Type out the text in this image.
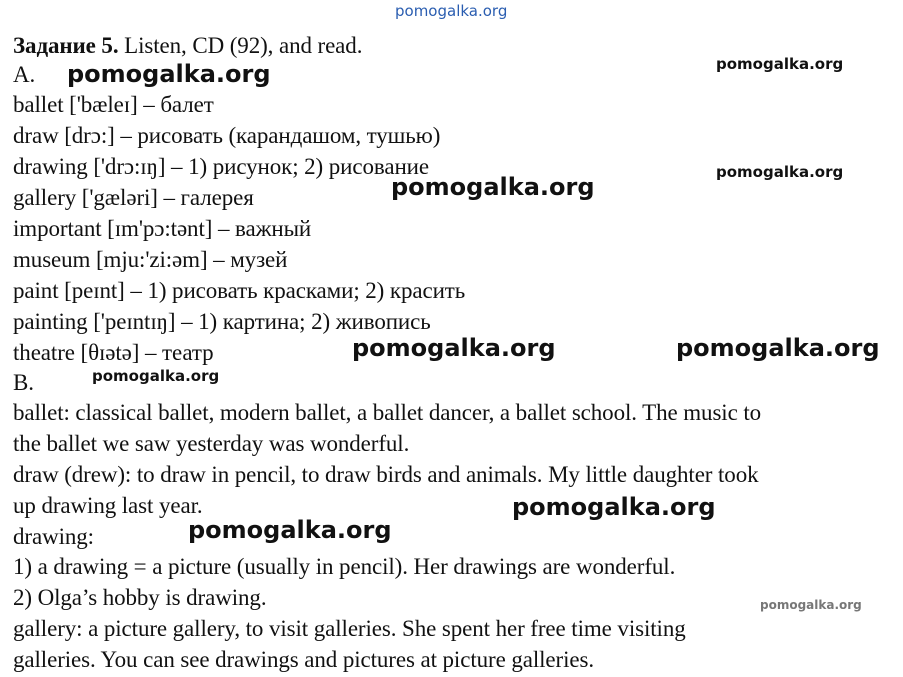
pomogalka.org
Задание 5. Listen, CD (92), and read.
A.
ballet ['bæleɪ] – балет
draw [drɔ:] – рисовать (карандашом, тушью)
drawing ['drɔ:ɪŋ] – 1) рисунок; 2) рисование
gallery ['gæləri] – галерея
important [ɪm'pɔ:tənt] – важный
museum [mju:'zi:əm] – музей
paint [peɪnt] – 1) рисовать красками; 2) красить
painting ['peɪntɪŋ] – 1) картина; 2) живопись
theatre [θɪətə] – театр
B.
ballet: classical ballet, modern ballet, a ballet dancer, a ballet school. The music to
the ballet we saw yesterday was wonderful.
draw (drew): to draw in pencil, to draw birds and animals. My little daughter took
up drawing last year.
drawing:
1) a drawing = a picture (usually in pencil). Her drawings are wonderful.
2) Olga’s hobby is drawing.
gallery: a picture gallery, to visit galleries. She spent her free time visiting
galleries. You can see drawings and pictures at picture galleries.
pomogalka.org	pomogalka.org
pomogalka.org
pomogalka.org
pomogalka.org	pomogalka.org
pomogalka.org
pomogalka.org
pomogalka.org
pomogalka.org
